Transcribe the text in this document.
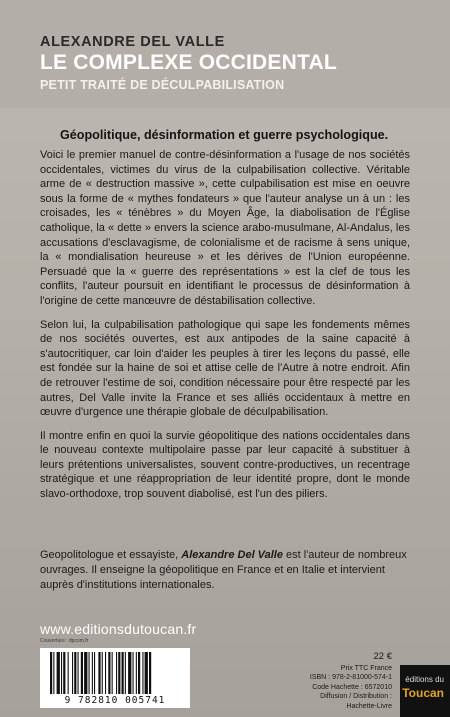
ALEXANDRE DEL VALLE
LE COMPLEXE OCCIDENTAL
PETIT TRAITÉ DE DÉCULPABILISATION
Géopolitique, désinformation et guerre psychologique.

Voici le premier manuel de contre-désinformation a l'usage de nos sociétés occidentales, victimes du virus de la culpabilisation collective. Véritable arme de « destruction massive », cette culpabilisation est mise en oeuvre sous la forme de « mythes fondateurs » que l'auteur analyse un à un : les croisades, les « ténèbres » du Moyen Âge, la diabolisation de l'Église catholique, la « dette » envers la science arabo-musulmane, Al-Andalus, les accusations d'esclavagisme, de colonialisme et de racisme à sens unique, la « mondialisation heureuse » et les dérives de l'Union européenne. Persuadé que la « guerre des représentations » est la clef de tous les conflits, l'auteur poursuit en identifiant le processus de désinformation à l'origine de cette manœuvre de déstabilisation collective.

Selon lui, la culpabilisation pathologique qui sape les fondements mêmes de nos sociétés ouvertes, est aux antipodes de la saine capacité à s'autocritiquer, car loin d'aider les peuples à tirer les leçons du passé, elle est fondée sur la haine de soi et attise celle de l'Autre à notre endroit. Afin de retrouver l'estime de soi, condition nécessaire pour être respecté par les autres, Del Valle invite la France et ses alliés occidentaux à mettre en œuvre d'urgence une thérapie globale de déculpabilisation.

Il montre enfin en quoi la survie géopolitique des nations occidentales dans le nouveau contexte multipolaire passe par leur capacité à substituer à leurs prétentions universalistes, souvent contre-productives, un recentrage stratégique et une réappropriation de leur identité propre, dont le monde slavo-orthodoxe, trop souvent diabolisé, est l'un des piliers.

Geopolitologue et essayiste, Alexandre Del Valle est l'auteur de nombreux ouvrages. Il enseigne la géopolitique en France et en Italie et intervient auprès d'institutions internationales.
www.editionsdutoucan.fr
Couverture : dpcom.fr
9 782810 005741
22 €
Prix TTC France
ISBN : 978-2-81000-574-1
Code Hachette : 6572010
Diffusion / Distribution : Hachette-Livre
éditions du
Toucan
